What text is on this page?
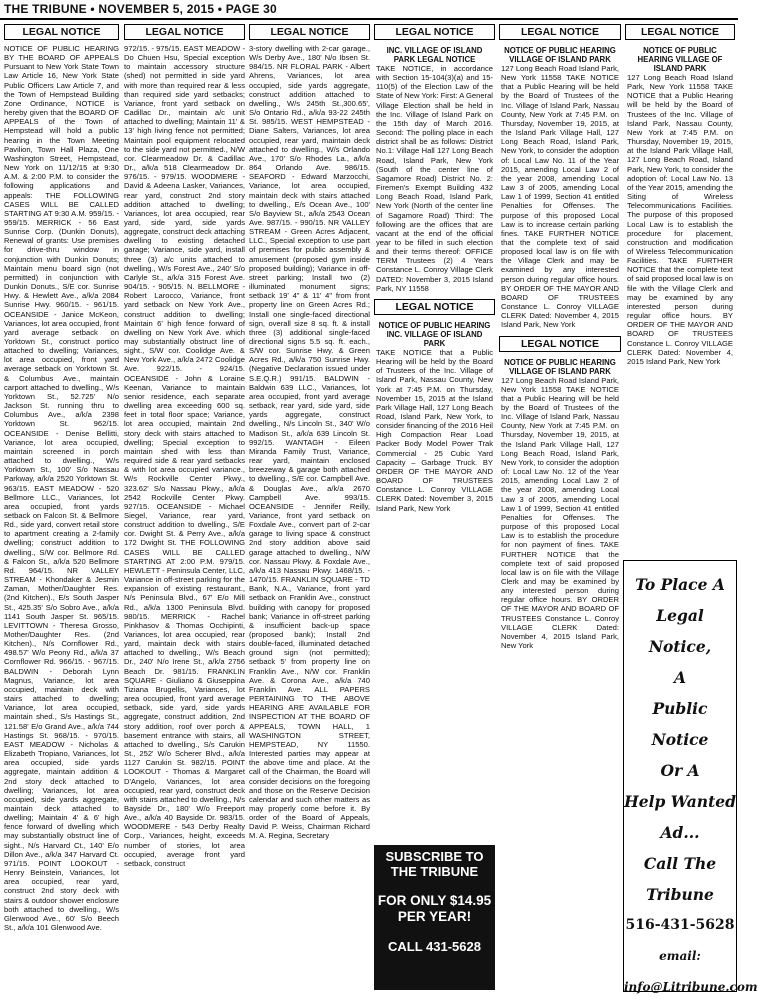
THE TRIBUNE • NOVEMBER 5, 2015 • PAGE 30
LEGAL NOTICE
NOTICE OF PUBLIC HEARING BY THE BOARD OF APPEALS Pursuant to New York State Town Law Article 16, New York State Public Officers Law Article 7, and the Town of Hempstead Building Zone Ordinance, NOTICE is hereby given that the BOARD OF APPEALS of the Town of Hempstead will hold a public hearing in the Town Meeting Pavilion, Town Hall Plaza, One Washington Street, Hempstead, New York on 11/12/15 at 9:30 A.M. & 2:00 P.M. to consider the following applications and appeals: THE FOLLOWING CASES WILL BE CALLED STARTING AT 9:30 A.M. 959/15. - 959/15. MERRICK - 56 East Sunrise Corp. (Dunkin Donuts), Renewal of grants: Use premises for drive-thru window in conjunction with Dunkin Donuts; Maintain menu board sign (not permitted) in conjunction with Dunkin Donuts., S/E cor. Sunrise Hwy. & Hewlett Ave., a/k/a 2084 Sunrise Hwy. 960/15. - 961/15. OCEANSIDE - Janice McKeon, Variances, lot area occupied, front yard average setback on Yorktown St., construct portico attached to dwelling; Variances, lot area occupied, front yard average setback on Yorktown St. & Columbus Ave., maintain carport attached to dwelling., W/s Yorktown St., 52.725' N/o Jackson St. running thru to Columbus Ave., a/k/a 2398 Yorktown St. 962/15. OCEANSIDE - Denise Bellitti, Variance, lot area occupied, maintain screened in porch attached to dwelling., W/s Yorktown St., 100' S/o Nassau Parkway, a/k/a 2520 Yorktown St. 963/15. EAST MEADOW - 520 Bellmore LLC., Variances, lot area occupied, front yards setback on Falcon St. & Bellmore Rd., side yard, convert retail store to apartment creating a 2-family dwelling; construct addition to dwelling., S/W cor. Bellmore Rd. & Falcon St., a/k/a 520 Bellmore Rd. 964/15. NR VALLEY STREAM - Khondaker & Jesmin Zaman, Mother/Daughter Res. (2nd Kitchen)., E/s South Jasper St., 425.35' S/o Sobro Ave., a/k/a 1141 South Jasper St. 965/15. LEVITTOWN - Theresa Grosso, Mother/Daughter Res. (2nd Kitchen)., N/s Cornflower Rd., 498.57' W/o Peony Rd., a/k/a 37 Cornflower Rd. 966/15. - 967/15. BALDWIN - Deborah Lynn Magnus, Variance, lot area occupied, maintain deck with stairs attached to dwelling; Variance, lot area occupied, maintain shed., S/s Hastings St., 121.58' E/o Grand Ave., a/k/a 744 Hastings St. 968/15. - 970/15. EAST MEADOW - Nicholas & Elizabeth Tropiano, Variances, lot area occupied, side yards aggregate, maintain addition & 2nd story deck attached to dwelling; Variances, lot area occupied, side yards aggregate, maintain deck attached to dwelling; Maintain 4' & 6' high fence forward of dwelling which may substantially obstruct line of sight., N/s Harvard Ct., 140' E/o Dillon Ave., a/k/a 347 Harvard Ct. 971/15. POINT LOOKOUT - Henry Beinstein, Variances, lot area occupied, rear yard, construct 2nd story deck with stairs & outdoor shower enclosure both attached to dwelling., W/s Glenwood Ave., 60' S/o Beech St., a/k/a 101 Glenwood Ave.
LEGAL NOTICE
972/15. - 975/15. EAST MEADOW - Do Chuen Hsu, Special exception to maintain accessory structure (shed) not permitted in side yard with more than required rear & less than required side yard setbacks; Variance, front yard setback on Cadillac Dr., maintain a/c unit attached to dwelling; Maintain 11' & 13' high living fence not permitted; Maintain pool equipment relocated to the side yard not permitted., N/W cor. Clearmeadow Dr. & Cadillac Dr., a/k/a 518 Clearmeadow Dr. 976/15. - 979/15. WOODMERE - David & Adeena Lasker, Variances, rear yard, construct 2nd story addition attached to dwelling; Variances, lot area occupied, rear yard, side yard, side yards aggregate, construct deck attaching dwelling to existing detached garage; Variance, side yard, install three (3) a/c units attached to dwelling., W/s Forest Ave., 240' S/o Carlyle St., a/k/a 315 Forest Ave. 904/15. - 905/15. N. BELLMORE - Robert Larocco, Variance, front yard setback on New York Ave., construct addition to dwelling; Maintain 6' high fence forward of dwelling on New York Ave. which may substantially obstruct line of sight., S/W cor. Coolidge Ave. & New York Ave., a/k/a 2472 Coolidge Ave. 922/15. - 924/15. OCEANSIDE - John & Loraine Keenan, Variance to maintain senior residence, each separate dwelling area exceeding 600 sq. feet in total floor space; Variance, lot area occupied, maintain 2nd story deck with stairs attached to dwelling; Special exception to maintain shed with less than required side & rear yard setbacks & with lot area occupied variance., W/s Rockville Center Pkwy., 323.62' S/o Nassau Pkwy., a/k/a 2542 Rockville Center Pkwy. 927/15. OCEANSIDE - Michael Siegel, Variance, rear yard, construct addition to dwelling., S/E cor. Dwight St. & Perry Ave., a/k/a 172 Dwight St. THE FOLLOWING CASES WILL BE CALLED STARTING AT 2:00 P.M. 979/15. HEWLETT - Peninsula Center, LLC, Variance in off-street parking for the expansion of existing restaurant., N/s Peninsula Blvd., 67' E/o Mill Rd., a/k/a 1300 Peninsula Blvd. 980/15. MERRICK - Rachel Pinkhasov & Thomas Occhipinti, Variances, lot area occupied, rear yard, maintain deck with stairs attached to dwelling., W/s Beach Dr., 240' N/o Irene St., a/k/a 2756 Beach Dr. 981/15. FRANKLIN SQUARE - Giuliano & Giuseppina Tiziana Brugellis, Variances, lot area occupied, front yard average setback, side yard, side yards aggregate, construct addition, 2nd story addition, roof over porch & basement entrance with stairs, all attached to dwelling., S/s Carukin St., 252' W/o Scherer Blvd., a/k/a 1127 Carukin St. 982/15. POINT LOOKOUT - Thomas & Margaret D'Angelo, Variances, lot area occupied, rear yard, construct deck with stairs attached to dwelling., N/s Bayside Dr., 180' W/o Freeport Ave., a/k/a 40 Bayside Dr. 983/15. WOODMERE - 543 Derby Realty Corp., Variances, height, exceeds number of stories, lot area occupied, average front yard setback, construct
LEGAL NOTICE
3-story dwelling with 2-car garage., W/s Derby Ave., 180' N/o Ibsen St. 984/15. NR FLORAL PARK - Albert Ahrens, Variances, lot area occupied, side yards aggregate, construct addition attached to dwelling., W/s 245th St.,300.65', S/o Ontario Rd., a/k/a 93-22 245th St. 985/15. WEST HEMPSTEAD - Diane Salters, Variances, lot area occupied, rear yard, maintain deck attached to dwelling., W/s Orlando Ave., 170' S/o Rhodes La., a/k/a 864 Orlando Ave. 986/15. SEAFORD - Edward Marzocchi, Variance, lot area occupied, maintain deck with stairs attached to dwelling., E/s Ocean Ave., 100' S/o Bayview St., a/k/a 2543 Ocean Ave. 987/15. - 990/15. NR VALLEY STREAM - Green Acres Adjacent, LLC., Special exception to use part of premises for public assembly & amusement (proposed gym inside proposed building); Variance in off-street parking; Install two (2) illuminated monument signs; setback 19' 4" & 11' 4" from front property line on Green Acres Rd.; Install one single-faced directional sign, overall size 8 sq. ft. & install three (3) additional single-faced directional signs 5.5 sq. ft. each., S/W cor. Sunrise Hwy. & Green Acres Rd., a/k/a 750 Sunrise Hwy. (Negative Declaration issued under S.E.Q.R.) 991/15. BALDWIN - Baldwin 639 LLC., Variances, lot area occupied, front yard average setback, rear yard, side yard, side yards aggregate, construct dwelling., N/s Lincoln St., 340' W/o Madison St., a/k/a 639 Lincoln St. 992/15. WANTAGH - Eileen Miranda Family Trust, Variance, rear yard, maintain enclosed breezeway & garage both attached to dwelling., S/E cor. Campbell Ave. & Douglas Ave., a/k/a 2670 Campbell Ave. 993/15. OCEANSIDE - Jennifer Reilly, Variance, front yard setback on Foxdale Ave., convert part of 2-car garage to living space & construct 2nd story addition above said garage attached to dwelling., N/W cor. Nassau Pkwy. & Foxdale Ave., a/k/a 413 Nassau Pkwy. 1468/15. - 1470/15. FRANKLIN SQUARE - TD Bank, N.A., Variance, front yard setback on Franklin Ave., construct building with canopy for proposed bank; Variance in off-street parking & insufficient back-up space (proposed bank); Install 2nd double-faced, illuminated detached ground sign (not permitted); setback 5' from property line on Franklin Ave., N/W cor. Franklin Ave. & Corona Ave., a/k/a 740 Franklin Ave. ALL PAPERS PERTAINING TO THE ABOVE HEARING ARE AVAILABLE FOR INSPECTION AT THE BOARD OF APPEALS, TOWN HALL, 1 WASHINGTON STREET, HEMPSTEAD, NY 11550. Interested parties may appear at the above time and place. At the call of the Chairman, the Board will consider decisions on the foregoing and those on the Reserve Decision calendar and such other matters as may properly come before it. By order of the Board of Appeals, David P. Weiss, Chairman Richard M. A. Regina, Secretary
LEGAL NOTICE
INC. VILLAGE OF ISLAND PARK LEGAL NOTICE
TAKE NOTICE, in accordance with Section 15-104(3)(a) and 15-110(5) of the Election Law of the State of New York: First: A General Village Election shall be held in the Inc. Village of Island Park on the 15th day of March 2016. Second: The polling place in each district shall be as follows: District No.1: Village Hall 127 Long Beach Road, Island Park, New York (South of the center line of Sagamore Road) District No. 2: Firemen's Exempt Building 432 Long Beach Road, Island Park, New York (North of the center line of Sagamore Road) Third: The following are the offices that are vacant at the end of the official year to be filled in such election and their terms thereof: OFFICE TERM Trustees (2) 4 Years Constance L. Conroy Village Clerk DATED: November 3, 2015 Island Park, NY 11558
LEGAL NOTICE
NOTICE OF PUBLIC HEARING INC. VILLAGE OF ISLAND PARK
TAKE NOTICE that a Public Hearing will be held by the Board of Trustees of the Inc. Village of Island Park, Nassau County, New York at 7:45 P.M. on Thursday, November 15, 2015 at the Island Park Village Hall, 127 Long Beach Road, Island Park, New York, to consider financing of the 2016 Heil High Compaction Rear Load Packer Body Model Power Trak Commercial - 25 Cubic Yard Capacity – Garbage Truck. BY ORDER OF THE MAYOR AND BOARD OF TRUSTEES Constance L. Conroy VILLAGE CLERK Dated: November 3, 2015 Island Park, New York
SUBSCRIBE TO THE TRIBUNE
FOR ONLY $14.95 PER YEAR!
CALL 431-5628
LEGAL NOTICE
NOTICE OF PUBLIC HEARING VILLAGE OF ISLAND PARK
127 Long Beach Road Island Park, New York 11558 TAKE NOTICE that a Public Hearing will be held by the Board of Trustees of the Inc. Village of Island Park, Nassau County, New York at 7:45 P.M. on Thursday, November 19, 2015, at the Island Park Village Hall, 127 Long Beach Road, Island Park, New York, to consider the adoption of: Local Law No. 11 of the Year 2015, amending Local Law 2 of the year 2008, amending Local Law 3 of 2005, amending Local Law 1 of 1999, Section 41 entitled Penalties for Offenses. The purpose of this proposed Local Law is to increase certain parking fines. TAKE FURTHER NOTICE that the complete text of said proposed local law is on file with the Village Clerk and may be examined by any interested person during regular office hours. BY ORDER OF THE MAYOR AND BOARD OF TRUSTEES Constance L. Conroy VILLAGE CLERK Dated: November 4, 2015 Island Park, New York
LEGAL NOTICE
NOTICE OF PUBLIC HEARING VILLAGE OF ISLAND PARK
127 Long Beach Road Island Park, New York 11558 TAKE NOTICE that a Public Hearing will be held by the Board of Trustees of the Inc. Village of Island Park, Nassau County, New York at 7:45 P.M. on Thursday, November 19, 2015, at the Island Park Village Hall, 127 Long Beach Road, Island Park, New York, to consider the adoption of: Local Law No. 12 of the Year 2015, amending Local Law 2 of the year 2008, amending Local Law 3 of 2005, amending Local Law 1 of 1999, Section 41 entitled Penalties for Offenses. The purpose of this proposed Local Law is to establish the procedure for non payment of fines. TAKE FURTHER NOTICE that the complete text of said proposed local law is on file with the Village Clerk and may be examined by any interested person during regular office hours. BY ORDER OF THE MAYOR AND BOARD OF TRUSTEES Constance L. Conroy VILLAGE CLERK Dated: November 4, 2015 Island Park, New York
LEGAL NOTICE
NOTICE OF PUBLIC HEARING VILLAGE OF ISLAND PARK
127 Long Beach Road Island Park, New York 11558 TAKE NOTICE that a Public Hearing will be held by the Board of Trustees of the Inc. Village of Island Park, Nassau County, New York at 7:45 P.M. on Thursday, November 19, 2015, at the Island Park Village Hall, 127 Long Beach Road, Island Park, New York, to consider the adoption of: Local Law No. 13 of the Year 2015, amending the Siting of Wireless Telecommunications Facilities. The purpose of this proposed Local Law is to establish the procedure for placement, construction and modification of Wireless Telecommunication Facilities. TAKE FURTHER NOTICE that the complete text of said proposed local law is on file with the Village Clerk and may be examined by any interested person during regular office hours. BY ORDER OF THE MAYOR AND BOARD OF TRUSTEES Constance L. Conroy VILLAGE CLERK Dated: November 4, 2015 Island Park, New York
To Place A
Legal Notice,
A
Public Notice
Or A
Help Wanted
Ad...
Call The
Tribune
516-431-5628
email:
info@Litribune.com
